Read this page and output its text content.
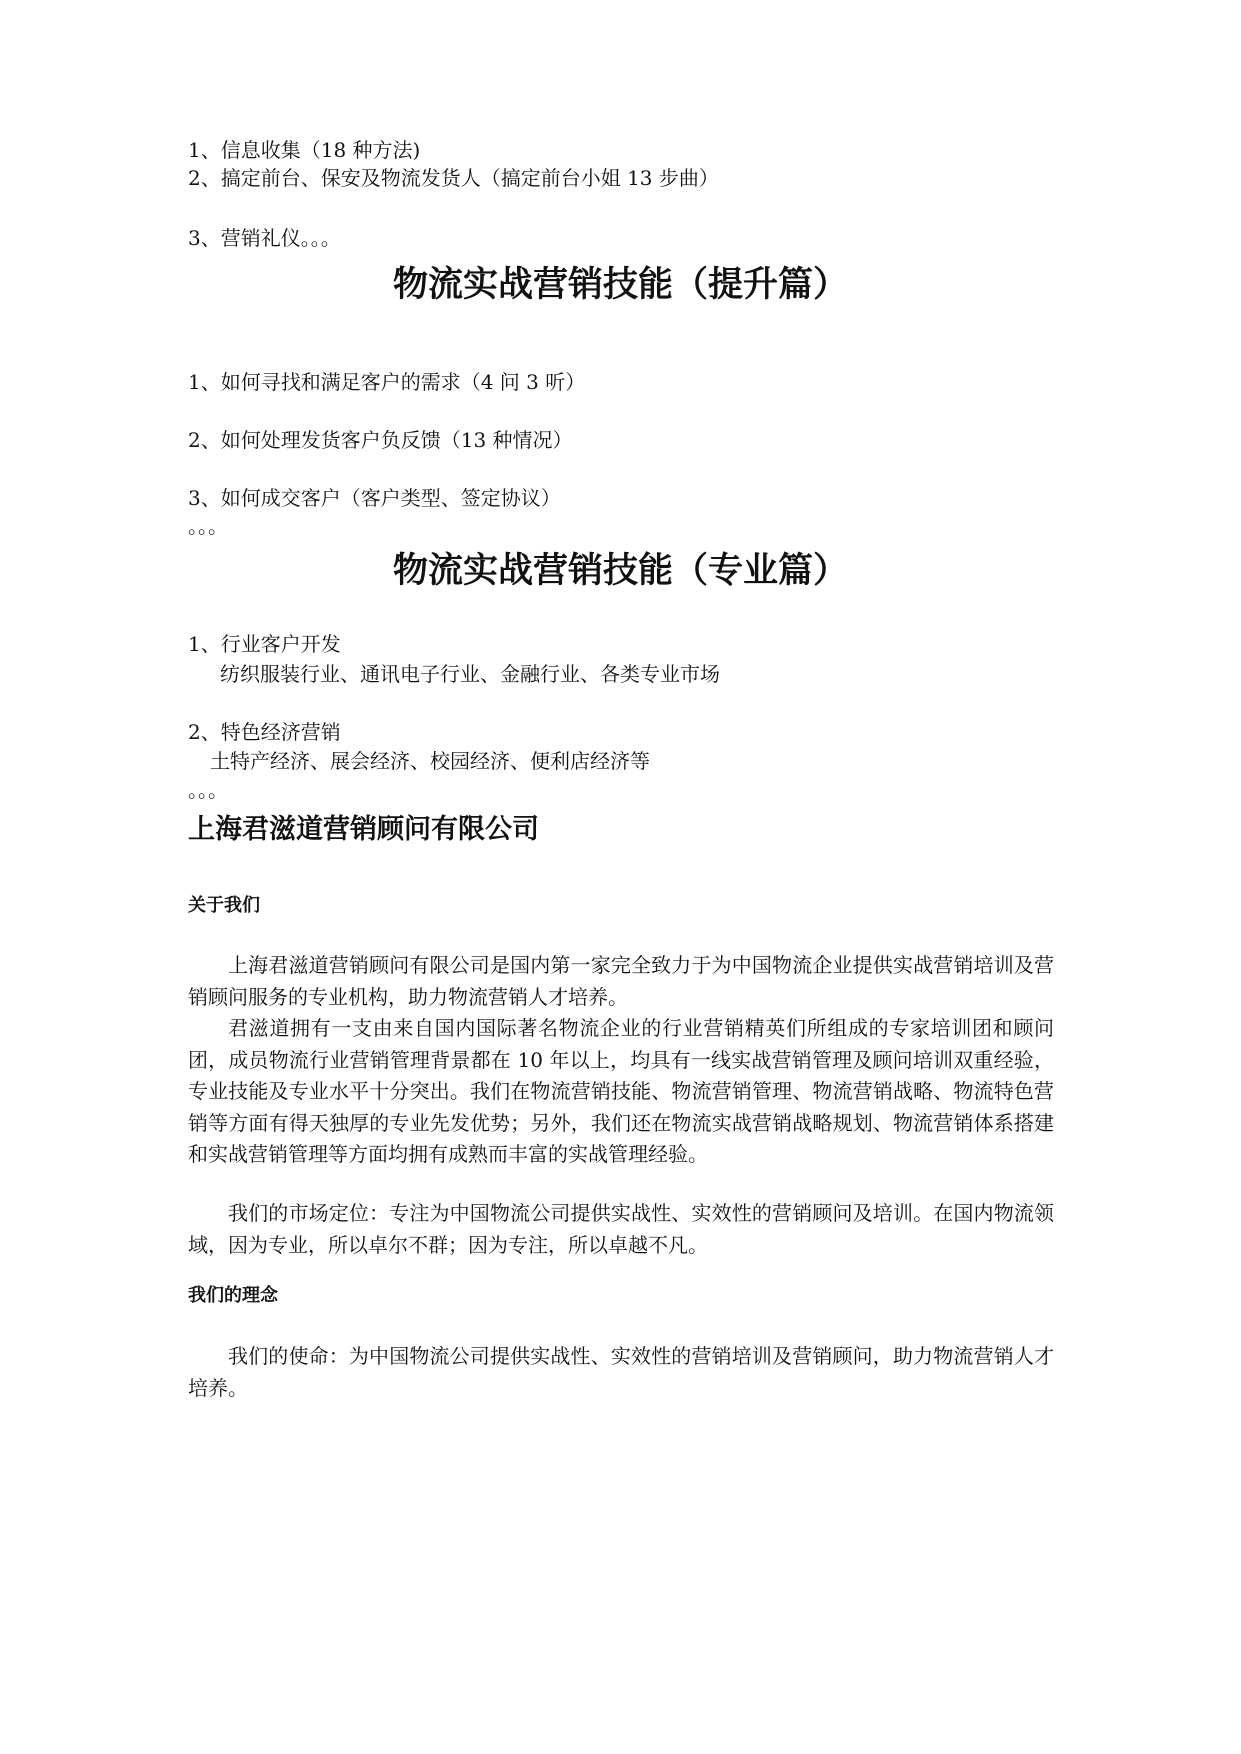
1、信息收集（18 种方法)
2、搞定前台、保安及物流发货人（搞定前台小姐 13 步曲）
3、营销礼仪。。。
物流实战营销技能（提升篇）
1、如何寻找和满足客户的需求（4 问 3 听）
2、如何处理发货客户负反馈（13 种情况）
3、如何成交客户（客户类型、签定协议）
。。。
物流实战营销技能（专业篇）
1、行业客户开发
纺织服装行业、通讯电子行业、金融行业、各类专业市场
2、特色经济营销
土特产经济、展会经济、校园经济、便利店经济等
。。。
上海君滋道营销顾问有限公司
关于我们
上海君滋道营销顾问有限公司是国内第一家完全致力于为中国物流企业提供实战营销培训及营销顾问服务的专业机构，助力物流营销人才培养。
君滋道拥有一支由来自国内国际著名物流企业的行业营销精英们所组成的专家培训团和顾问团，成员物流行业营销管理背景都在 10 年以上，均具有一线实战营销管理及顾问培训双重经验，专业技能及专业水平十分突出。我们在物流营销技能、物流营销管理、物流营销战略、物流特色营销等方面有得天独厚的专业先发优势；另外，我们还在物流实战营销战略规划、物流营销体系搭建和实战营销管理等方面均拥有成熟而丰富的实战管理经验。
我们的市场定位：专注为中国物流公司提供实战性、实效性的营销顾问及培训。在国内物流领域，因为专业，所以卓尔不群；因为专注，所以卓越不凡。
我们的理念
我们的使命：为中国物流公司提供实战性、实效性的营销培训及营销顾问，助力物流营销人才培养。
